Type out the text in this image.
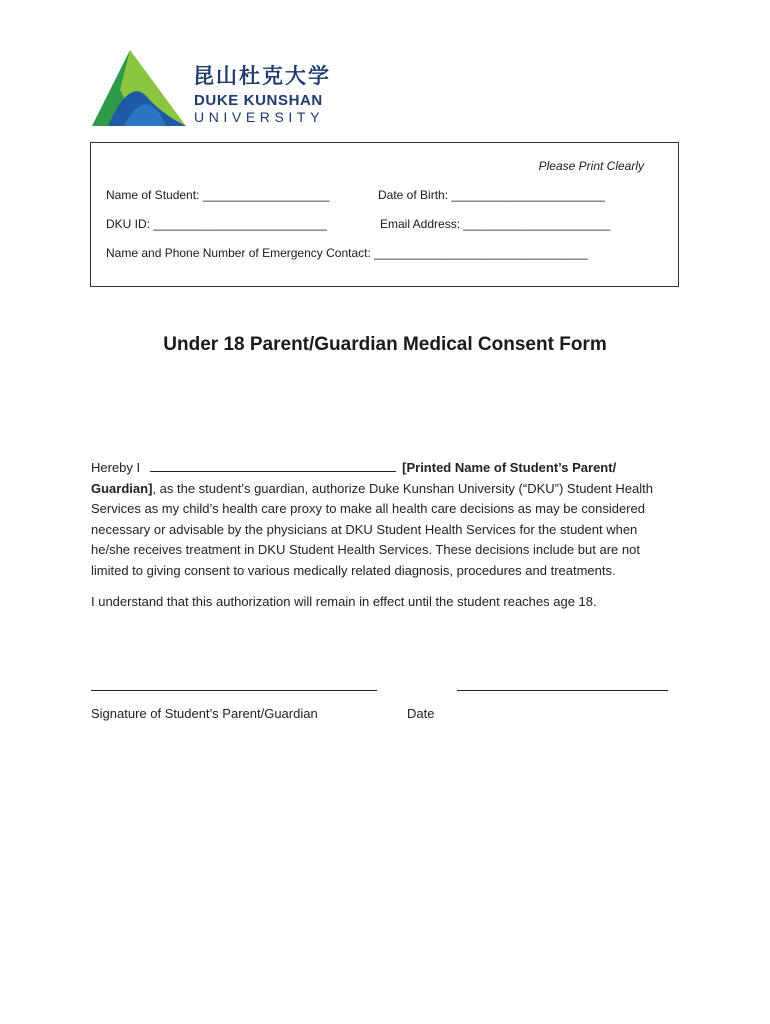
昆山杜克大学
DUKE KUNSHAN
UNIVERSITY
Please Print Clearly
Name of Student: ___________________	Date of Birth: _______________________
DKU ID: __________________________	Email Address: ______________________
Name and Phone Number of Emergency Contact: ________________________________
Under 18 Parent/Guardian Medical Consent Form

Hereby I	[Printed Name of Student’s Parent/ Guardian], as the student’s guardian, authorize Duke Kunshan University (“DKU”) Student Health Services as my child’s health care proxy to make all health care decisions as may be considered necessary or advisable by the physicians at DKU Student Health Services for the student when he/she receives treatment in DKU Student Health Services. These decisions include but are not limited to giving consent to various medically related diagnosis, procedures and treatments.

I understand that this authorization will remain in effect until the student reaches age 18.

Signature of Student’s Parent/Guardian	Date
